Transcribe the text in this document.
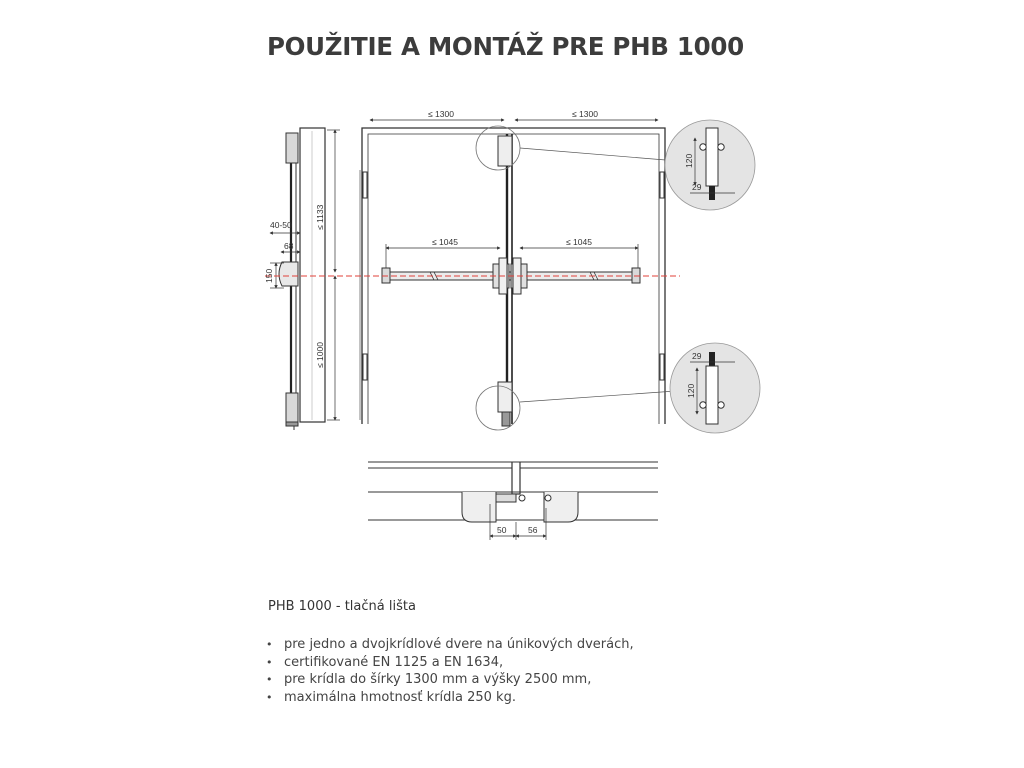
POUŽITIE A MONTÁŽ PRE PHB 1000
≤ 1300	≤ 1300
≤ 1045	≤ 1045
≤ 1133
≤ 1000
40-50
68
150
120
29
29
120
50	56
PHB 1000 - tlačná lišta
• pre jedno a dvojkrídlové dvere na únikových dverách,
• certifikované EN 1125 a EN 1634,
• pre krídla do šírky 1300 mm a výšky 2500 mm,
• maximálna hmotnosť krídla 250 kg.
